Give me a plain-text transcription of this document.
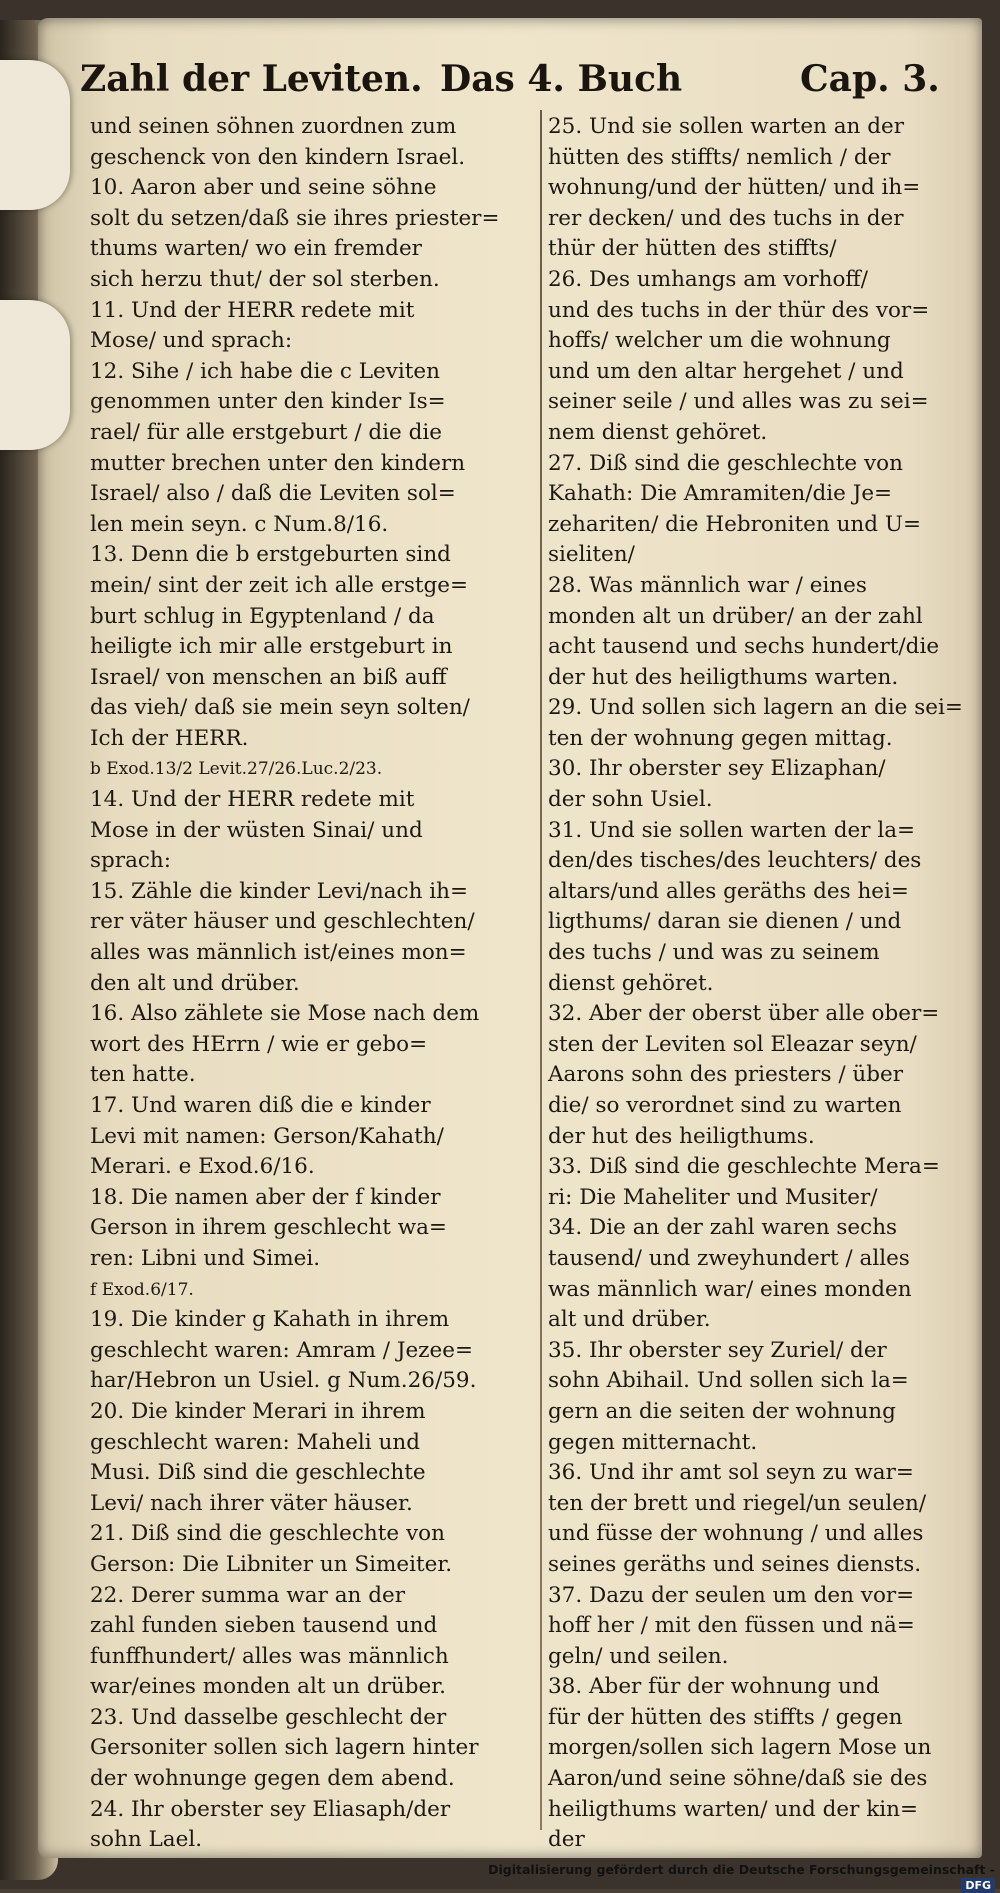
Zahl der Leviten. Das 4. Buch	Cap. 3.
und seinen söhnen zuordnen zum
geschenck von den kindern Israel.
10. Aaron aber und seine söhne
solt du setzen/daß sie ihres priester=
thums warten/ wo ein fremder
sich herzu thut/ der sol sterben.
11. Und der HERR redete mit
Mose/ und sprach:
12. Sihe / ich habe die c Leviten
genommen unter den kinder Is=
rael/ für alle erstgeburt / die die
mutter brechen unter den kindern
Israel/ also / daß die Leviten sol=
len mein seyn. c Num.8/16.
13. Denn die b erstgeburten sind
mein/ sint der zeit ich alle erstge=
burt schlug in Egyptenland / da
heiligte ich mir alle erstgeburt in
Israel/ von menschen an biß auff
das vieh/ daß sie mein seyn solten/
Ich der HERR.
b Exod.13/2 Levit.27/26.Luc.2/23.
14. Und der HERR redete mit
Mose in der wüsten Sinai/ und
sprach:
15. Zähle die kinder Levi/nach ih=
rer väter häuser und geschlechten/
alles was männlich ist/eines mon=
den alt und drüber.
16. Also zählete sie Mose nach dem
wort des HErrn / wie er gebo=
ten hatte.
17. Und waren diß die e kinder
Levi mit namen: Gerson/Kahath/
Merari. e Exod.6/16.
18. Die namen aber der f kinder
Gerson in ihrem geschlecht wa=
ren: Libni und Simei.
f Exod.6/17.
19. Die kinder g Kahath in ihrem
geschlecht waren: Amram / Jezee=
har/Hebron un Usiel. g Num.26/59.
20. Die kinder Merari in ihrem
geschlecht waren: Maheli und
Musi. Diß sind die geschlechte
Levi/ nach ihrer väter häuser.
21. Diß sind die geschlechte von
Gerson: Die Libniter un Simeiter.
22. Derer summa war an der
zahl funden sieben tausend und
funffhundert/ alles was männlich
war/eines monden alt un drüber.
23. Und dasselbe geschlecht der
Gersoniter sollen sich lagern hinter
der wohnunge gegen dem abend.
24. Ihr oberster sey Eliasaph/der
sohn Lael.
25. Und sie sollen warten an der
hütten des stiffts/ nemlich / der
wohnung/und der hütten/ und ih=
rer decken/ und des tuchs in der
thür der hütten des stiffts/
26. Des umhangs am vorhoff/
und des tuchs in der thür des vor=
hoffs/ welcher um die wohnung
und um den altar hergehet / und
seiner seile / und alles was zu sei=
nem dienst gehöret.
27. Diß sind die geschlechte von
Kahath: Die Amramiten/die Je=
zehariten/ die Hebroniten und U=
sieliten/
28. Was männlich war / eines
monden alt un drüber/ an der zahl
acht tausend und sechs hundert/die
der hut des heiligthums warten.
29. Und sollen sich lagern an die sei=
ten der wohnung gegen mittag.
30. Ihr oberster sey Elizaphan/
der sohn Usiel.
31. Und sie sollen warten der la=
den/des tisches/des leuchters/ des
altars/und alles geräths des hei=
ligthums/ daran sie dienen / und
des tuchs / und was zu seinem
dienst gehöret.
32. Aber der oberst über alle ober=
sten der Leviten sol Eleazar seyn/
Aarons sohn des priesters / über
die/ so verordnet sind zu warten
der hut des heiligthums.
33. Diß sind die geschlechte Mera=
ri: Die Maheliter und Musiter/
34. Die an der zahl waren sechs
tausend/ und zweyhundert / alles
was männlich war/ eines monden
alt und drüber.
35. Ihr oberster sey Zuriel/ der
sohn Abihail. Und sollen sich la=
gern an die seiten der wohnung
gegen mitternacht.
36. Und ihr amt sol seyn zu war=
ten der brett und riegel/un seulen/
und füsse der wohnung / und alles
seines geräths und seines diensts.
37. Dazu der seulen um den vor=
hoff her / mit den füssen und nä=
geln/ und seilen.
38. Aber für der wohnung und
für der hütten des stiffts / gegen
morgen/sollen sich lagern Mose un
Aaron/und seine söhne/daß sie des
heiligthums warten/ und der kin=
der
Digitalisierung gefördert durch die Deutsche Forschungsgemeinschaft - DFG
